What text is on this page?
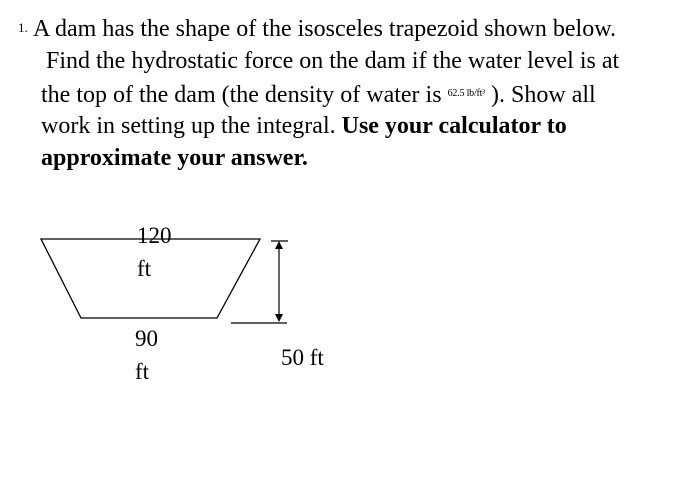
1. A dam has the shape of the isosceles trapezoid shown below.
Find the hydrostatic force on the dam if the water level is at
the top of the dam (the density of water is $^{62.5 lb/ft^3}$ ). Show all
work in setting up the integral. Use your calculator to
approximate your answer.
120
ft
90
ft
50 ft
